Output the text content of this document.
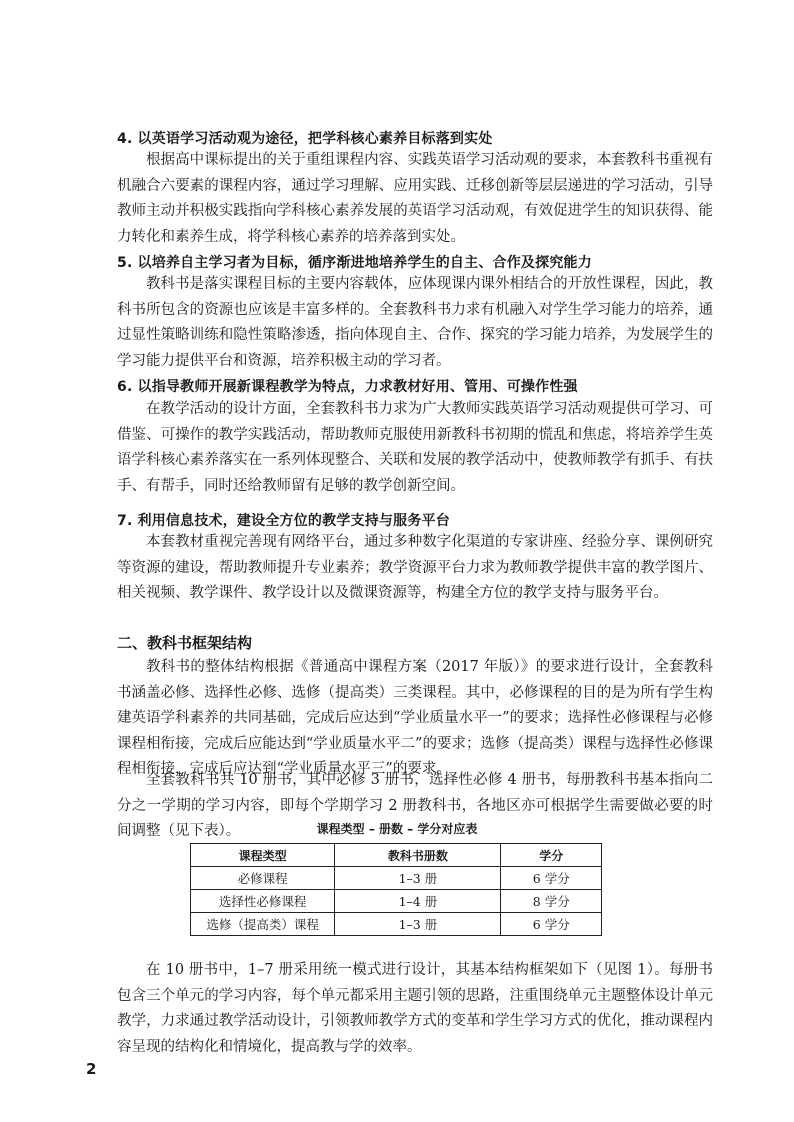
4. 以英语学习活动观为途径，把学科核心素养目标落到实处
根据高中课标提出的关于重组课程内容、实践英语学习活动观的要求，本套教科书重视有机融合六要素的课程内容，通过学习理解、应用实践、迁移创新等层层递进的学习活动，引导教师主动并积极实践指向学科核心素养发展的英语学习活动观，有效促进学生的知识获得、能力转化和素养生成，将学科核心素养的培养落到实处。
5. 以培养自主学习者为目标，循序渐进地培养学生的自主、合作及探究能力
教科书是落实课程目标的主要内容载体，应体现课内课外相结合的开放性课程，因此，教科书所包含的资源也应该是丰富多样的。全套教科书力求有机融入对学生学习能力的培养，通过显性策略训练和隐性策略渗透，指向体现自主、合作、探究的学习能力培养，为发展学生的学习能力提供平台和资源，培养积极主动的学习者。
6. 以指导教师开展新课程教学为特点，力求教材好用、管用、可操作性强
在教学活动的设计方面，全套教科书力求为广大教师实践英语学习活动观提供可学习、可借鉴、可操作的教学实践活动，帮助教师克服使用新教科书初期的慌乱和焦虑，将培养学生英语学科核心素养落实在一系列体现整合、关联和发展的教学活动中，使教师教学有抓手、有扶手、有帮手，同时还给教师留有足够的教学创新空间。
7. 利用信息技术，建设全方位的教学支持与服务平台
本套教材重视完善现有网络平台，通过多种数字化渠道的专家讲座、经验分享、课例研究等资源的建设，帮助教师提升专业素养；教学资源平台力求为教师教学提供丰富的教学图片、相关视频、教学课件、教学设计以及微课资源等，构建全方位的教学支持与服务平台。
二、教科书框架结构
教科书的整体结构根据《普通高中课程方案（2017 年版）》的要求进行设计，全套教科书涵盖必修、选择性必修、选修（提高类）三类课程。其中，必修课程的目的是为所有学生构建英语学科素养的共同基础，完成后应达到“学业质量水平一”的要求；选择性必修课程与必修课程相衔接，完成后应能达到“学业质量水平二”的要求；选修（提高类）课程与选择性必修课程相衔接，完成后应达到“学业质量水平三”的要求。
全套教科书共 10 册书，其中必修 3 册书，选择性必修 4 册书，每册教科书基本指向二分之一学期的学习内容，即每个学期学习 2 册教科书，各地区亦可根据学生需要做必要的时间调整（见下表）。	课程类型 – 册数 – 学分对应表
课程类型	教科书册数	学分
必修课程	1–3 册	6 学分
选择性必修课程	1–4 册	8 学分
选修（提高类）课程	1–3 册	6 学分
在 10 册书中，1–7 册采用统一模式进行设计，其基本结构框架如下（见图 1）。每册书包含三个单元的学习内容，每个单元都采用主题引领的思路，注重围绕单元主题整体设计单元教学，力求通过教学活动设计，引领教师教学方式的变革和学生学习方式的优化，推动课程内容呈现的结构化和情境化，提高教与学的效率。
2
